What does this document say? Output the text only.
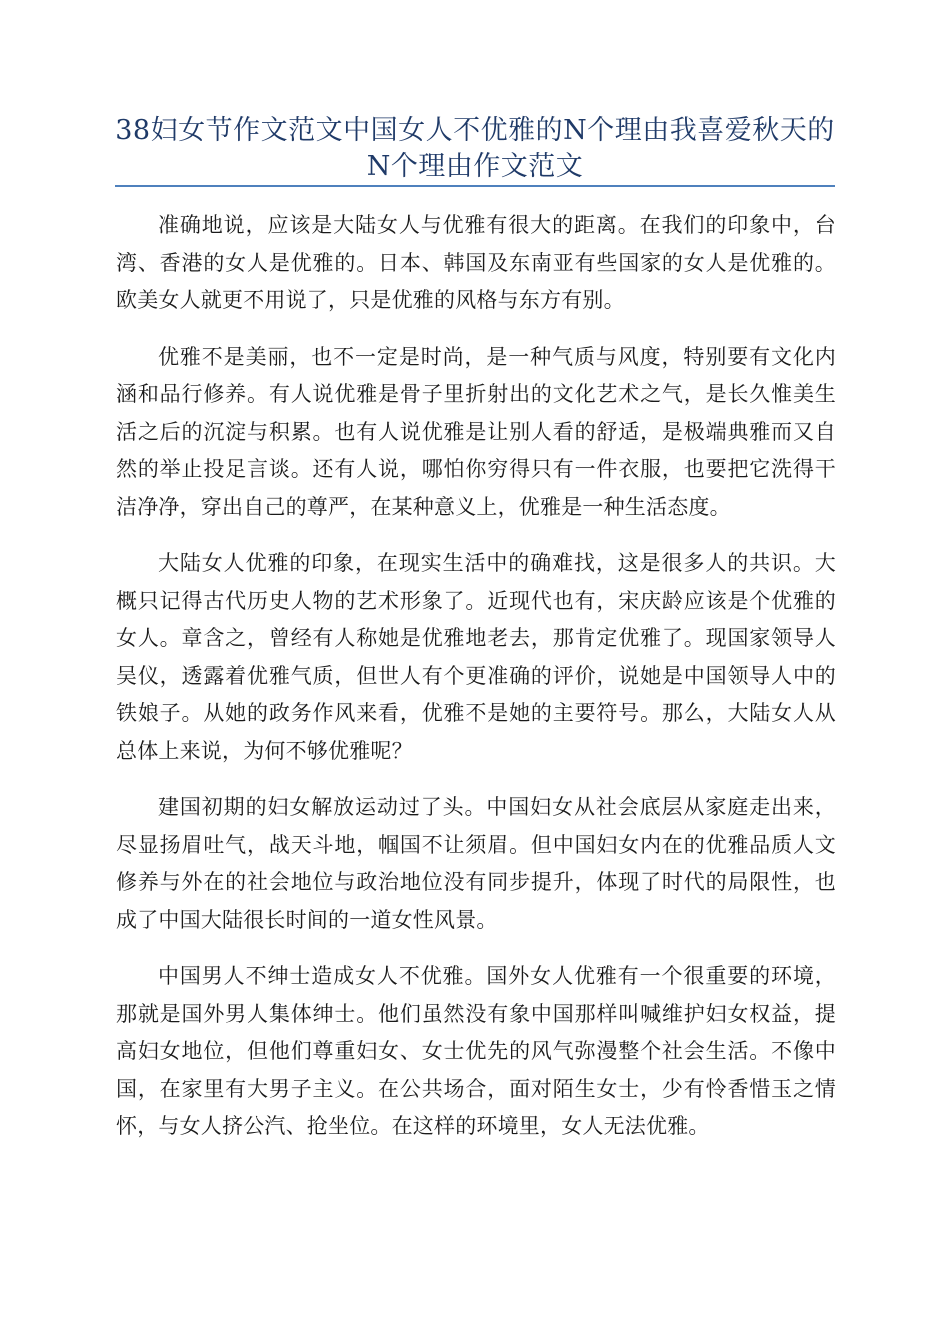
38妇女节作文范文中国女人不优雅的N个理由我喜爱秋天的N个理由作文范文

准确地说，应该是大陆女人与优雅有很大的距离。在我们的印象中，台湾、香港的女人是优雅的。日本、韩国及东南亚有些国家的女人是优雅的。欧美女人就更不用说了，只是优雅的风格与东方有别。

优雅不是美丽，也不一定是时尚，是一种气质与风度，特别要有文化内涵和品行修养。有人说优雅是骨子里折射出的文化艺术之气，是长久惟美生活之后的沉淀与积累。也有人说优雅是让别人看的舒适，是极端典雅而又自然的举止投足言谈。还有人说，哪怕你穷得只有一件衣服，也要把它洗得干洁净净，穿出自己的尊严，在某种意义上，优雅是一种生活态度。

大陆女人优雅的印象，在现实生活中的确难找，这是很多人的共识。大概只记得古代历史人物的艺术形象了。近现代也有，宋庆龄应该是个优雅的女人。章含之，曾经有人称她是优雅地老去，那肯定优雅了。现国家领导人吴仪，透露着优雅气质，但世人有个更准确的评价，说她是中国领导人中的铁娘子。从她的政务作风来看，优雅不是她的主要符号。那么，大陆女人从总体上来说，为何不够优雅呢？

建国初期的妇女解放运动过了头。中国妇女从社会底层从家庭走出来，尽显扬眉吐气，战天斗地，帼国不让须眉。但中国妇女内在的优雅品质人文修养与外在的社会地位与政治地位没有同步提升，体现了时代的局限性，也成了中国大陆很长时间的一道女性风景。

中国男人不绅士造成女人不优雅。国外女人优雅有一个很重要的环境，那就是国外男人集体绅士。他们虽然没有象中国那样叫喊维护妇女权益，提高妇女地位，但他们尊重妇女、女士优先的风气弥漫整个社会生活。不像中国，在家里有大男子主义。在公共场合，面对陌生女士，少有怜香惜玉之情怀，与女人挤公汽、抢坐位。在这样的环境里，女人无法优雅。
